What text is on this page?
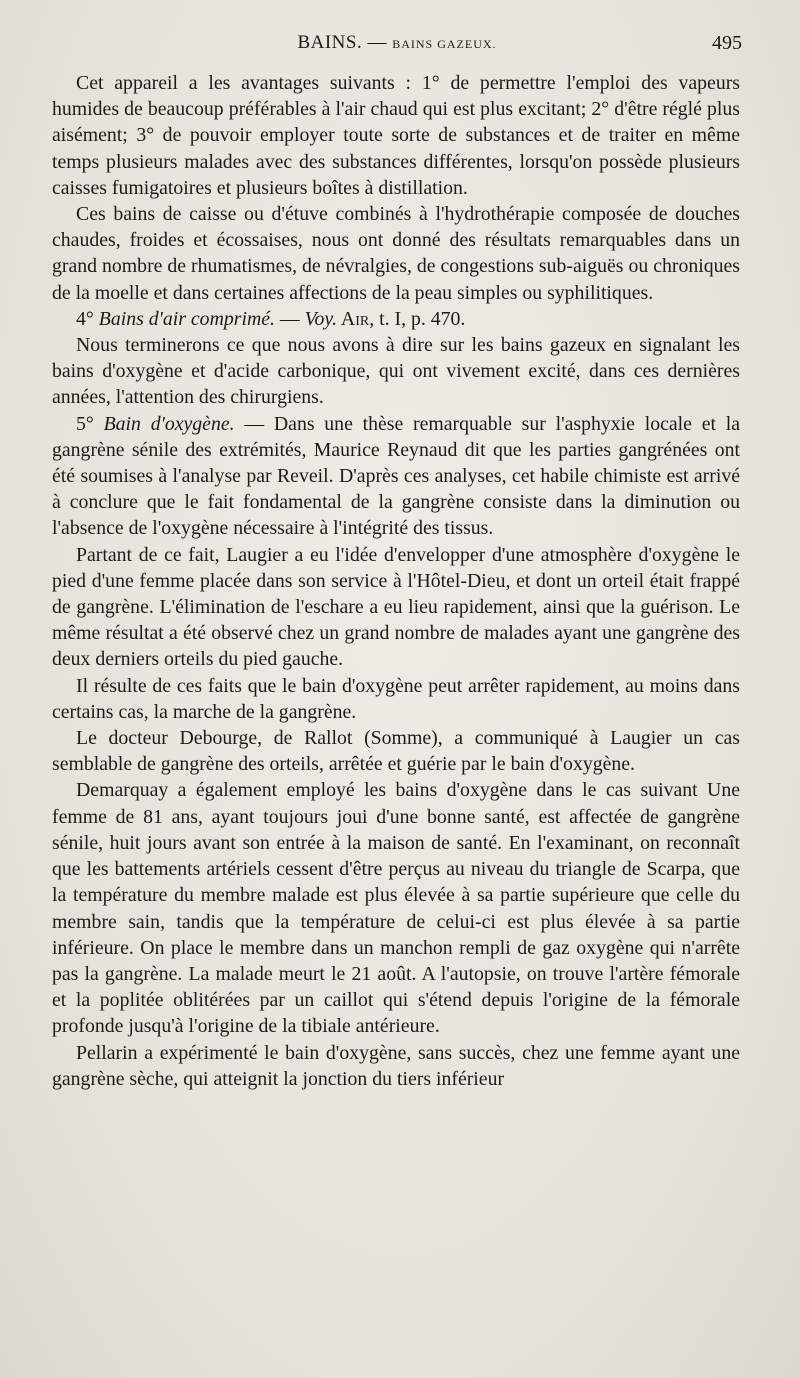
BAINS. — BAINS GAZEUX.	495

Cet appareil a les avantages suivants : 1° de permettre l'emploi des vapeurs humides de beaucoup préférables à l'air chaud qui est plus excitant; 2° d'être réglé plus aisément; 3° de pouvoir employer toute sorte de substances et de traiter en même temps plusieurs malades avec des substances différentes, lorsqu'on possède plusieurs caisses fumigatoires et plusieurs boîtes à distillation.

Ces bains de caisse ou d'étuve combinés à l'hydrothérapie composée de douches chaudes, froides et écossaises, nous ont donné des résultats remarquables dans un grand nombre de rhumatismes, de névralgies, de congestions sub-aiguës ou chroniques de la moelle et dans certaines affections de la peau simples ou syphilitiques.

4° Bains d'air comprimé. — Voy. Air, t. I, p. 470.

Nous terminerons ce que nous avons à dire sur les bains gazeux en signalant les bains d'oxygène et d'acide carbonique, qui ont vivement excité, dans ces dernières années, l'attention des chirurgiens.

5° Bain d'oxygène. — Dans une thèse remarquable sur l'asphyxie locale et la gangrène sénile des extrémités, Maurice Reynaud dit que les parties gangrénées ont été soumises à l'analyse par Reveil. D'après ces analyses, cet habile chimiste est arrivé à conclure que le fait fondamental de la gangrène consiste dans la diminution ou l'absence de l'oxygène nécessaire à l'intégrité des tissus.

Partant de ce fait, Laugier a eu l'idée d'envelopper d'une atmosphère d'oxygène le pied d'une femme placée dans son service à l'Hôtel-Dieu, et dont un orteil était frappé de gangrène. L'élimination de l'eschare a eu lieu rapidement, ainsi que la guérison. Le même résultat a été observé chez un grand nombre de malades ayant une gangrène des deux derniers orteils du pied gauche.

Il résulte de ces faits que le bain d'oxygène peut arrêter rapidement, au moins dans certains cas, la marche de la gangrène.

Le docteur Debourge, de Rallot (Somme), a communiqué à Laugier un cas semblable de gangrène des orteils, arrêtée et guérie par le bain d'oxygène.

Demarquay a également employé les bains d'oxygène dans le cas suivant Une femme de 81 ans, ayant toujours joui d'une bonne santé, est affectée de gangrène sénile, huit jours avant son entrée à la maison de santé. En l'examinant, on reconnaît que les battements artériels cessent d'être perçus au niveau du triangle de Scarpa, que la température du membre malade est plus élevée à sa partie supérieure que celle du membre sain, tandis que la température de celui-ci est plus élevée à sa partie inférieure. On place le membre dans un manchon rempli de gaz oxygène qui n'arrête pas la gangrène. La malade meurt le 21 août. A l'autopsie, on trouve l'artère fémorale et la poplitée oblitérées par un caillot qui s'étend depuis l'origine de la fémorale profonde jusqu'à l'origine de la tibiale antérieure.

Pellarin a expérimenté le bain d'oxygène, sans succès, chez une femme ayant une gangrène sèche, qui atteignit la jonction du tiers inférieur
